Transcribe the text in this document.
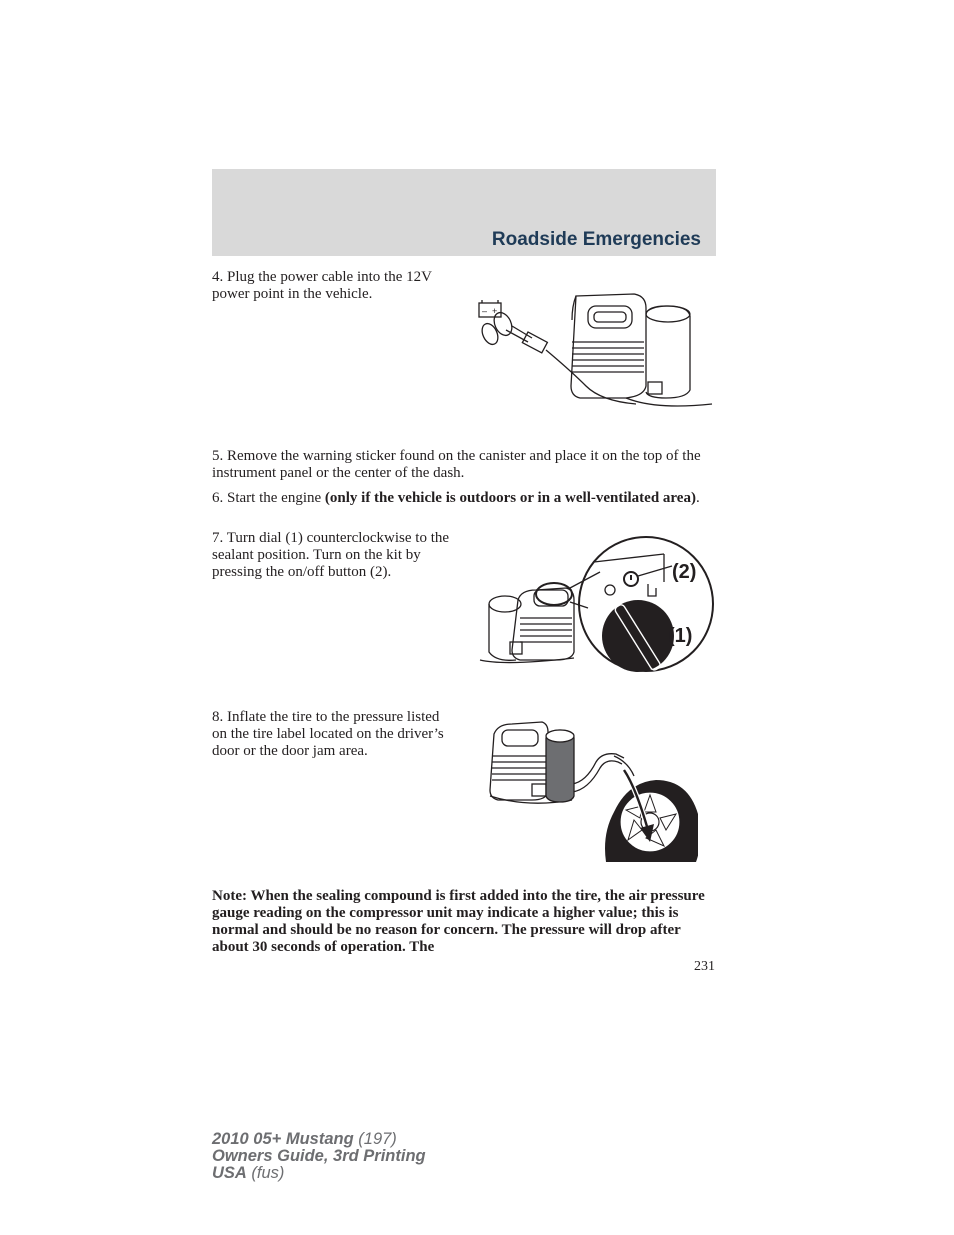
Roadside Emergencies
4. Plug the power cable into the 12V power point in the vehicle.
– +
5. Remove the warning sticker found on the canister and place it on the top of the instrument panel or the center of the dash.
6. Start the engine (only if the vehicle is outdoors or in a well-ventilated area).
7. Turn dial (1) counterclockwise to the sealant position. Turn on the kit by pressing the on/off button (2).	(2)
(1)
8. Inflate the tire to the pressure listed on the tire label located on the driver’s door or the door jam area.
Note: When the sealing compound is first added into the tire, the air pressure gauge reading on the compressor unit may indicate a higher value; this is normal and should be no reason for concern. The pressure will drop after about 30 seconds of operation. The
231
2010 05+ Mustang (197)
Owners Guide, 3rd Printing
USA (fus)
